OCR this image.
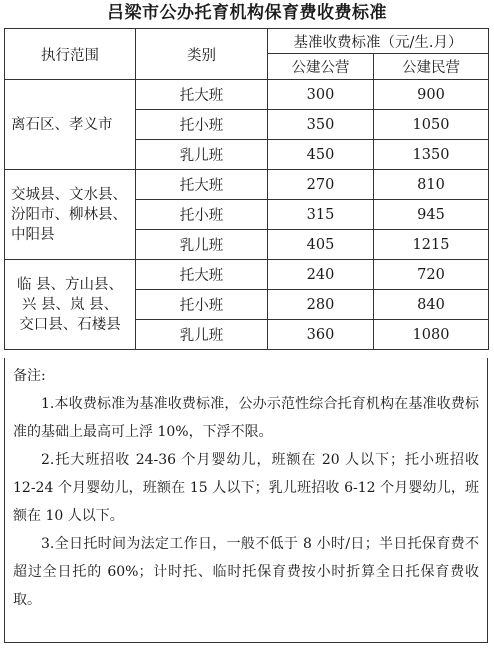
吕梁市公办托育机构保育费收费标准
执行范围	类别	基准收费标准（元/生.月）	
		公建公营	公建民营

离石区、孝义市	托大班	300	900
	托小班	350	1050
	乳儿班	450	1350

交城县、文水县、
汾阳市、柳林县、
中阳县	托大班	270	810
	托小班	315	945
	乳儿班	405	1215

临 县、方山县、
兴 县、岚 县、
交口县、石楼县	托大班	240	720
	托小班	280	840
	乳儿班	360	1080

备注:

1.本收费标准为基准收费标准，公办示范性综合托育机构在基准收费标准的基础上最高可上浮 10%，下浮不限。

2.托大班招收 24-36 个月婴幼儿，班额在 20 人以下；托小班招收 12-24 个月婴幼儿，班额在 15 人以下；乳儿班招收 6-12 个月婴幼儿，班额在 10 人以下。

3.全日托时间为法定工作日，一般不低于 8 小时/日；半日托保育费不超过全日托的 60%；计时托、临时托保育费按小时折算全日托保育费收取。
